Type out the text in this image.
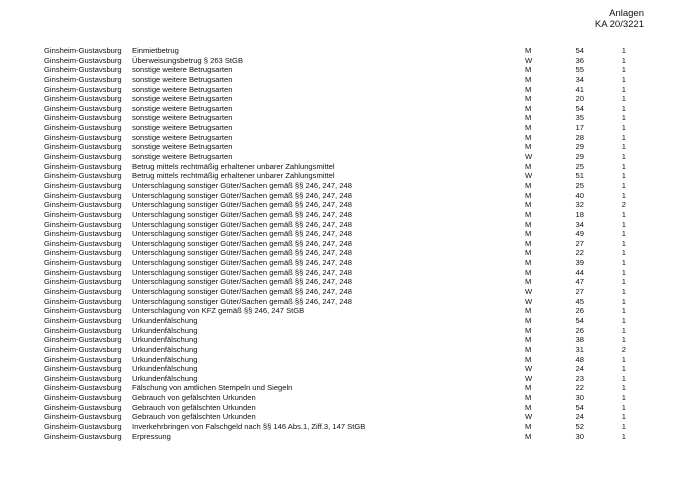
Anlagen
KA 20/3221
Ginsheim-Gustavsburg Einmietbetrug	M	54	1
Ginsheim-Gustavsburg Überweisungsbetrug § 263 StGB	W	36	1
Ginsheim-Gustavsburg sonstige weitere Betrugsarten	M	55	1
Ginsheim-Gustavsburg sonstige weitere Betrugsarten	M	34	1
Ginsheim-Gustavsburg sonstige weitere Betrugsarten	M	41	1
Ginsheim-Gustavsburg sonstige weitere Betrugsarten	M	20	1
Ginsheim-Gustavsburg sonstige weitere Betrugsarten	M	54	1
Ginsheim-Gustavsburg sonstige weitere Betrugsarten	M	35	1
Ginsheim-Gustavsburg sonstige weitere Betrugsarten	M	17	1
Ginsheim-Gustavsburg sonstige weitere Betrugsarten	M	28	1
Ginsheim-Gustavsburg sonstige weitere Betrugsarten	M	29	1
Ginsheim-Gustavsburg sonstige weitere Betrugsarten	W	29	1
Ginsheim-Gustavsburg Betrug mittels rechtmäßig erhaltener unbarer Zahlungsmittel	M	25	1
Ginsheim-Gustavsburg Betrug mittels rechtmäßig erhaltener unbarer Zahlungsmittel	W	51	1
Ginsheim-Gustavsburg Unterschlagung sonstiger Güter/Sachen gemäß §§ 246, 247, 248	M	25	1
Ginsheim-Gustavsburg Unterschlagung sonstiger Güter/Sachen gemäß §§ 246, 247, 248	M	40	1
Ginsheim-Gustavsburg Unterschlagung sonstiger Güter/Sachen gemäß §§ 246, 247, 248	M	32	2
Ginsheim-Gustavsburg Unterschlagung sonstiger Güter/Sachen gemäß §§ 246, 247, 248	M	18	1
Ginsheim-Gustavsburg Unterschlagung sonstiger Güter/Sachen gemäß §§ 246, 247, 248	M	34	1
Ginsheim-Gustavsburg Unterschlagung sonstiger Güter/Sachen gemäß §§ 246, 247, 248	M	49	1
Ginsheim-Gustavsburg Unterschlagung sonstiger Güter/Sachen gemäß §§ 246, 247, 248	M	27	1
Ginsheim-Gustavsburg Unterschlagung sonstiger Güter/Sachen gemäß §§ 246, 247, 248	M	22	1
Ginsheim-Gustavsburg Unterschlagung sonstiger Güter/Sachen gemäß §§ 246, 247, 248	M	39	1
Ginsheim-Gustavsburg Unterschlagung sonstiger Güter/Sachen gemäß §§ 246, 247, 248	M	44	1
Ginsheim-Gustavsburg Unterschlagung sonstiger Güter/Sachen gemäß §§ 246, 247, 248	M	47	1
Ginsheim-Gustavsburg Unterschlagung sonstiger Güter/Sachen gemäß §§ 246, 247, 248	W	27	1
Ginsheim-Gustavsburg Unterschlagung sonstiger Güter/Sachen gemäß §§ 246, 247, 248	W	45	1
Ginsheim-Gustavsburg Unterschlagung von KFZ gemäß §§ 246, 247 StGB	M	26	1
Ginsheim-Gustavsburg Urkundenfälschung	M	54	1
Ginsheim-Gustavsburg Urkundenfälschung	M	26	1
Ginsheim-Gustavsburg Urkundenfälschung	M	38	1
Ginsheim-Gustavsburg Urkundenfälschung	M	31	2
Ginsheim-Gustavsburg Urkundenfälschung	M	48	1
Ginsheim-Gustavsburg Urkundenfälschung	W	24	1
Ginsheim-Gustavsburg Urkundenfälschung	W	23	1
Ginsheim-Gustavsburg Fälschung von amtlichen Stempeln und Siegeln	M	22	1
Ginsheim-Gustavsburg Gebrauch von gefälschten Urkunden	M	30	1
Ginsheim-Gustavsburg Gebrauch von gefälschten Urkunden	M	54	1
Ginsheim-Gustavsburg Gebrauch von gefälschten Urkunden	W	24	1
Ginsheim-Gustavsburg Inverkehrbringen von Falschgeld nach §§ 146 Abs.1, Ziff.3, 147 StGB	M	52	1
Ginsheim-Gustavsburg Erpressung	M	30	1
